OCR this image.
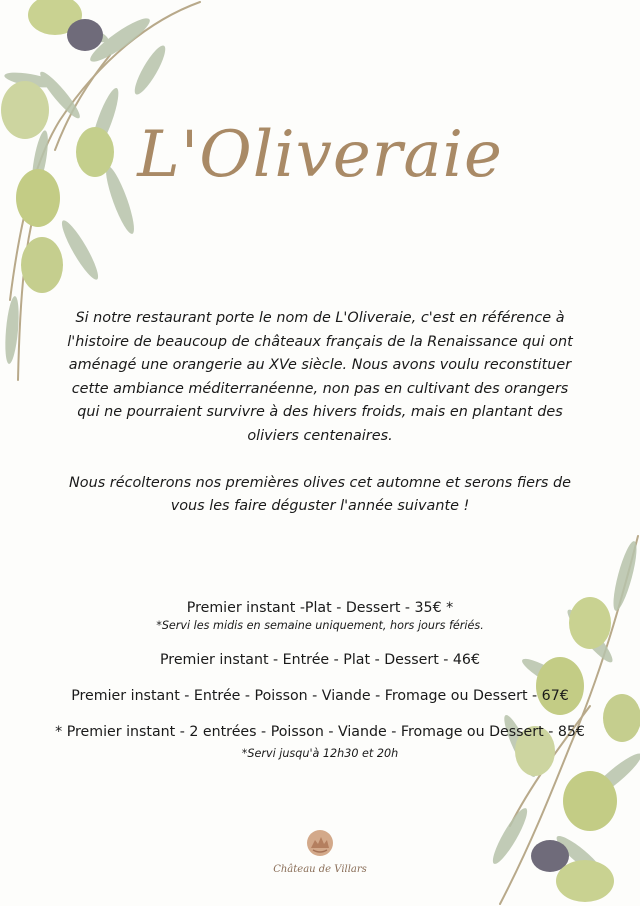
L'Oliveraie

Si notre restaurant porte le nom de L'Oliveraie, c'est en référence à l'histoire de beaucoup de châteaux français de la Renaissance qui ont aménagé une orangerie au XVe siècle. Nous avons voulu reconstituer cette ambiance méditerranéenne, non pas en cultivant des orangers qui ne pourraient survivre à des hivers froids, mais en plantant des oliviers centenaires.

Nous récolterons nos premières olives cet automne et serons fiers de vous les faire déguster l'année suivante !

Premier instant -Plat - Dessert - 35€ *
*Servi les midis en semaine uniquement, hors jours fériés.
Premier instant - Entrée - Plat - Dessert - 46€
Premier instant - Entrée - Poisson - Viande - Fromage ou Dessert - 67€
* Premier instant - 2 entrées - Poisson - Viande - Fromage ou Dessert - 85€
*Servi jusqu'à 12h30 et 20h
Château de Villars
